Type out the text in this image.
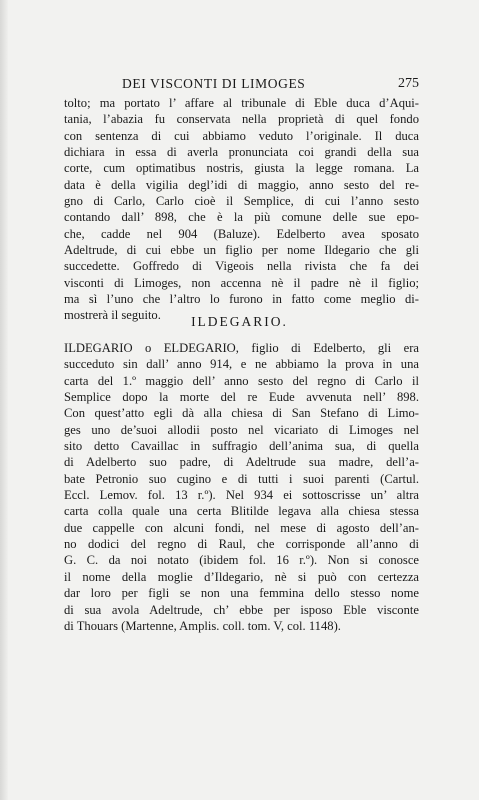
DEI VISCONTI DI LIMOGES	275
tolto; ma portato l’ affare al tribunale di Eble duca d’Aqui-
tania, l’abazia fu conservata nella proprietà di quel fondo
con sentenza di cui abbiamo veduto l’originale. Il duca
dichiara in essa di averla pronunciata coi grandi della sua
corte, cum optimatibus nostris, giusta la legge romana. La
data è della vigilia degl’idi di maggio, anno sesto del re-
gno di Carlo, Carlo cioè il Semplice, di cui l’anno sesto
contando dall’ 898, che è la più comune delle sue epo-
che, cadde nel 904 (Baluze). Edelberto avea sposato
Adeltrude, di cui ebbe un figlio per nome Ildegario che gli
succedette. Goffredo di Vigeois nella rivista che fa dei
visconti di Limoges, non accenna nè il padre nè il figlio;
ma sì l’uno che l’altro lo furono in fatto come meglio di-
mostrerà il seguito.	ILDEGARIO.
ILDEGARIO o ELDEGARIO, figlio di Edelberto, gli era
succeduto sin dall’ anno 914, e ne abbiamo la prova in una
carta del 1.º maggio dell’ anno sesto del regno di Carlo il
Semplice dopo la morte del re Eude avvenuta nell’ 898.
Con quest’atto egli dà alla chiesa di San Stefano di Limo-
ges uno de’suoi allodii posto nel vicariato di Limoges nel
sito detto Cavaillac in suffragio dell’anima sua, di quella
di Adelberto suo padre, di Adeltrude sua madre, dell’a-
bate Petronio suo cugino e di tutti i suoi parenti (Cartul.
Eccl. Lemov. fol. 13 r.º). Nel 934 ei sottoscrisse un’ altra
carta colla quale una certa Blitilde legava alla chiesa stessa
due cappelle con alcuni fondi, nel mese di agosto dell’an-
no dodici del regno di Raul, che corrisponde all’anno di
G. C. da noi notato (ibidem fol. 16 r.º). Non si conosce
il nome della moglie d’Ildegario, nè si può con certezza
dar loro per figli se non una femmina dello stesso nome
di sua avola Adeltrude, ch’ ebbe per isposo Eble visconte
di Thouars (Martenne, Amplis. coll. tom. V, col. 1148).
